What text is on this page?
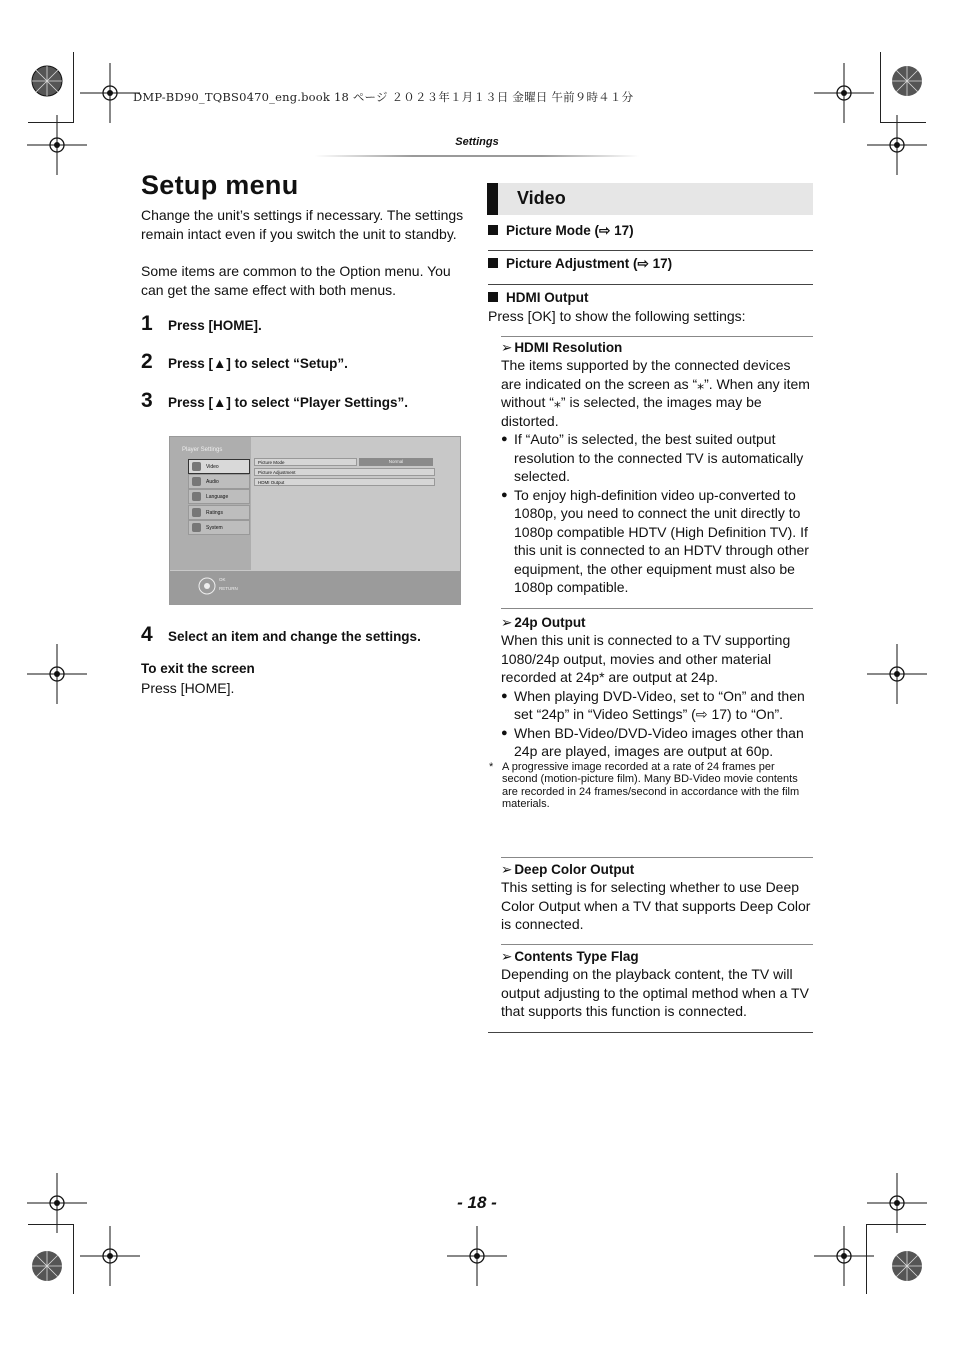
DMP-BD90_TQBS0470_eng.book 18 ページ ２０２３年１月１３日 金曜日 午前９時４１分
Settings
Setup menu
Change the unit’s settings if necessary. The settings remain intact even if you switch the unit to standby.
Some items are common to the Option menu. You can get the same effect with both menus.
1	Press [HOME].
2	Press [▲] to select “Setup”.
3	Press [▲] to select “Player Settings”.
Player Settings
Video
Audio
Language
Ratings
System
Picture Mode	Normal
Picture Adjustment
HDMI Output
OK
RETURN
4	Select an item and change the settings.
To exit the screen
Press [HOME].
Video
Picture Mode (⇨ 17)
Picture Adjustment (⇨ 17)
HDMI Output
Press [OK] to show the following settings:
➢ HDMI Resolution
The items supported by the connected devices are indicated on the screen as “⁎”. When any item without “⁎” is selected, the images may be distorted.
● If “Auto” is selected, the best suited output resolution to the connected TV is automatically selected.
● To enjoy high-definition video up-converted to 1080p, you need to connect the unit directly to 1080p compatible HDTV (High Definition TV). If this unit is connected to an HDTV through other equipment, the other equipment must also be 1080p compatible.
➢ 24p Output
When this unit is connected to a TV supporting 1080/24p output, movies and other material recorded at 24p* are output at 24p.
● When playing DVD-Video, set to “On” and then set “24p” in “Video Settings” (⇨ 17) to “On”.
● When BD-Video/DVD-Video images other than 24p are played, images are output at 60p.
* A progressive image recorded at a rate of 24 frames per second (motion-picture film). Many BD-Video movie contents are recorded in 24 frames/second in accordance with the film materials.
➢ Deep Color Output
This setting is for selecting whether to use Deep Color Output when a TV that supports Deep Color is connected.
➢ Contents Type Flag
Depending on the playback content, the TV will output adjusting to the optimal method when a TV that supports this function is connected.
- 18 -
